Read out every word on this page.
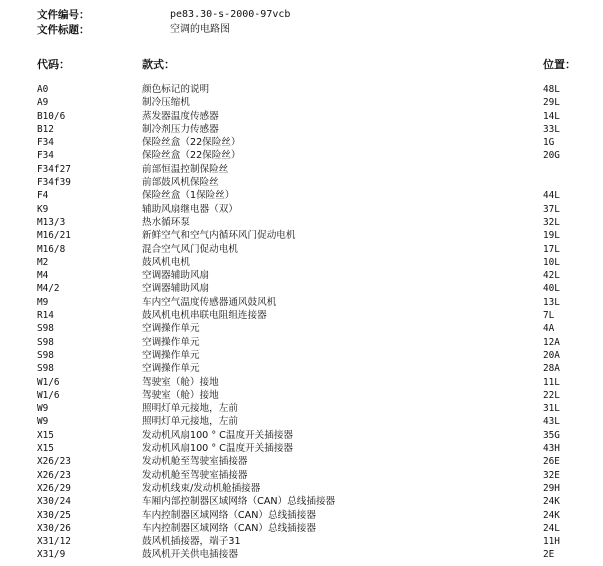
文件编号：	pe83.30-s-2000-97vcb
文件标题：	空调的电路图
代码：	款式：	位置：
A0	颜色标记的说明	48L
A9	制冷压缩机	29L
B10/6	蒸发器温度传感器	14L
B12	制冷剂压力传感器	33L
F34	保险丝盒（22保险丝）	1G
F34	保险丝盒（22保险丝）	20G
F34f27	前部恒温控制保险丝
F34f39	前部鼓风机保险丝
F4	保险丝盒（1保险丝）	44L
K9	辅助风扇继电器（双）	37L
M13/3	热水循环泵	32L
M16/21	新鲜空气和空气内循环风门促动电机	19L
M16/8	混合空气风门促动电机	17L
M2	鼓风机电机	10L
M4	空调器辅助风扇	42L
M4/2	空调器辅助风扇	40L
M9	车内空气温度传感器通风鼓风机	13L
R14	鼓风机电机串联电阻组连接器	7L
S98	空调操作单元	4A
S98	空调操作单元	12A
S98	空调操作单元	20A
S98	空调操作单元	28A
W1/6	驾驶室（舱）接地	11L
W1/6	驾驶室（舱）接地	22L
W9	照明灯单元接地，左前	31L
W9	照明灯单元接地，左前	43L
X15	发动机风扇100 ° C温度开关插接器	35G
X15	发动机风扇100 ° C温度开关插接器	43H
X26/23	发动机舱至驾驶室插接器	26E
X26/23	发动机舱至驾驶室插接器	32E
X26/29	发动机线束/发动机舱插接器	29H
X30/24	车厢内部控制器区域网络（CAN）总线插接器	24K
X30/25	车内控制器区域网络（CAN）总线插接器	24K
X30/26	车内控制器区域网络（CAN）总线插接器	24L
X31/12	鼓风机插接器，端子31	11H
X31/9	鼓风机开关供电插接器	2E
